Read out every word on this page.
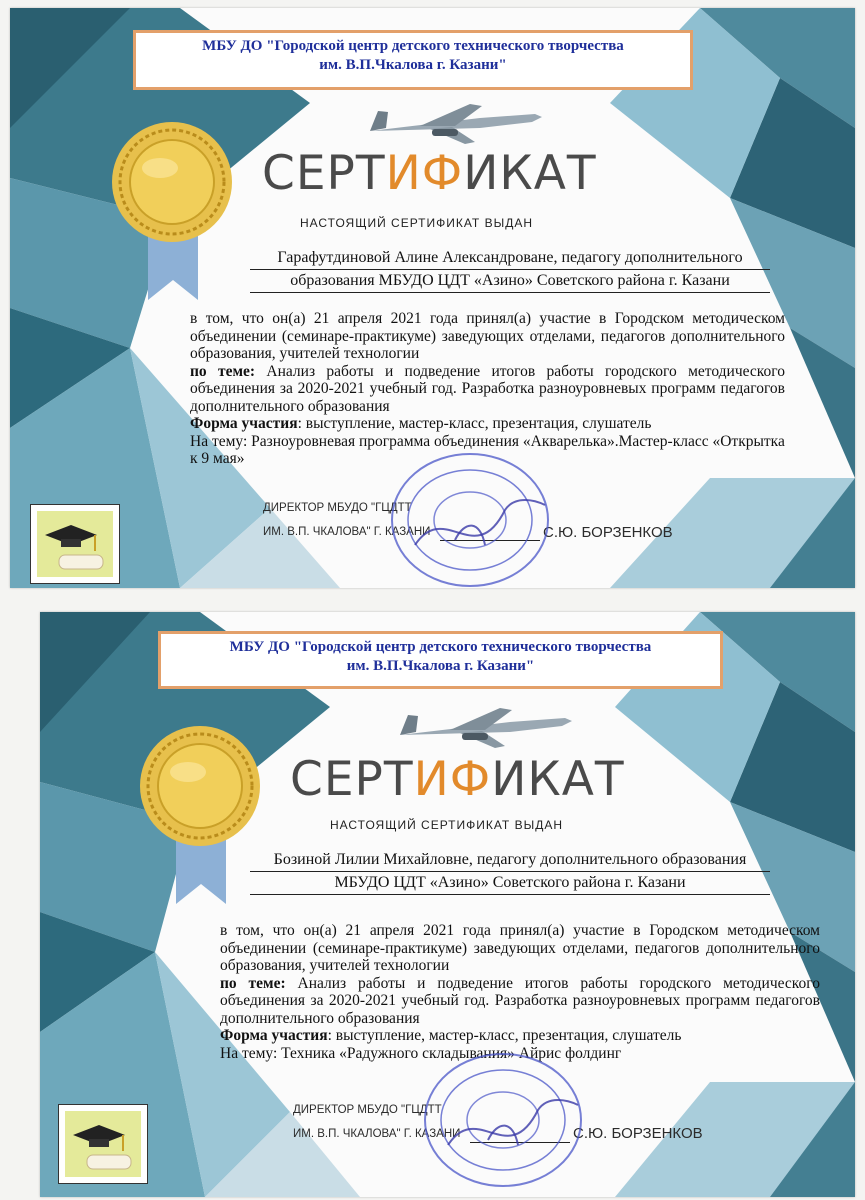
МБУ ДО "Городской центр детского технического творчества
им. В.П.Чкалова г. Казани"
СЕРТИФИКАТ
НАСТОЯЩИЙ СЕРТИФИКАТ ВЫДАН
Гарафутдиновой Алине Александроване, педагогу дополнительного
образования МБУДО ЦДТ «Азино» Советского района г. Казани

в том, что он(а) 21 апреля 2021 года принял(а) участие в Городском методическом объединении (семинаре-практикуме) заведующих отделами, педагогов дополнительного образования, учителей технологии

по теме: Анализ работы и подведение итогов работы городского методического объединения за 2020-2021 учебный год. Разработка разноуровневых программ педагогов дополнительного образования

Форма участия: выступление, мастер-класс, презентация, слушатель

На тему: Разноуровневая программа объединения «Акварелька».Мастер-класс «Открытка к 9 мая»

ДИРЕКТОР МБУДО "ГЦДТТ
ИМ. В.П. ЧКАЛОВА" Г. КАЗАНИ	С.Ю. БОРЗЕНКОВ
МБУ ДО "Городской центр детского технического творчества
им. В.П.Чкалова г. Казани"
СЕРТИФИКАТ
НАСТОЯЩИЙ СЕРТИФИКАТ ВЫДАН
Бозиной Лилии Михайловне, педагогу дополнительного образования
МБУДО ЦДТ «Азино» Советского района г. Казани

в том, что он(а) 21 апреля 2021 года принял(а) участие в Городском методическом объединении (семинаре-практикуме) заведующих отделами, педагогов дополнительного образования, учителей технологии

по теме: Анализ работы и подведение итогов работы городского методического объединения за 2020-2021 учебный год. Разработка разноуровневых программ педагогов дополнительного образования

Форма участия: выступление, мастер-класс, презентация, слушатель

На тему: Техника «Радужного складывания» Айрис фолдинг

ДИРЕКТОР МБУДО "ГЦДТТ
ИМ. В.П. ЧКАЛОВА" Г. КАЗАНИ	С.Ю. БОРЗЕНКОВ
